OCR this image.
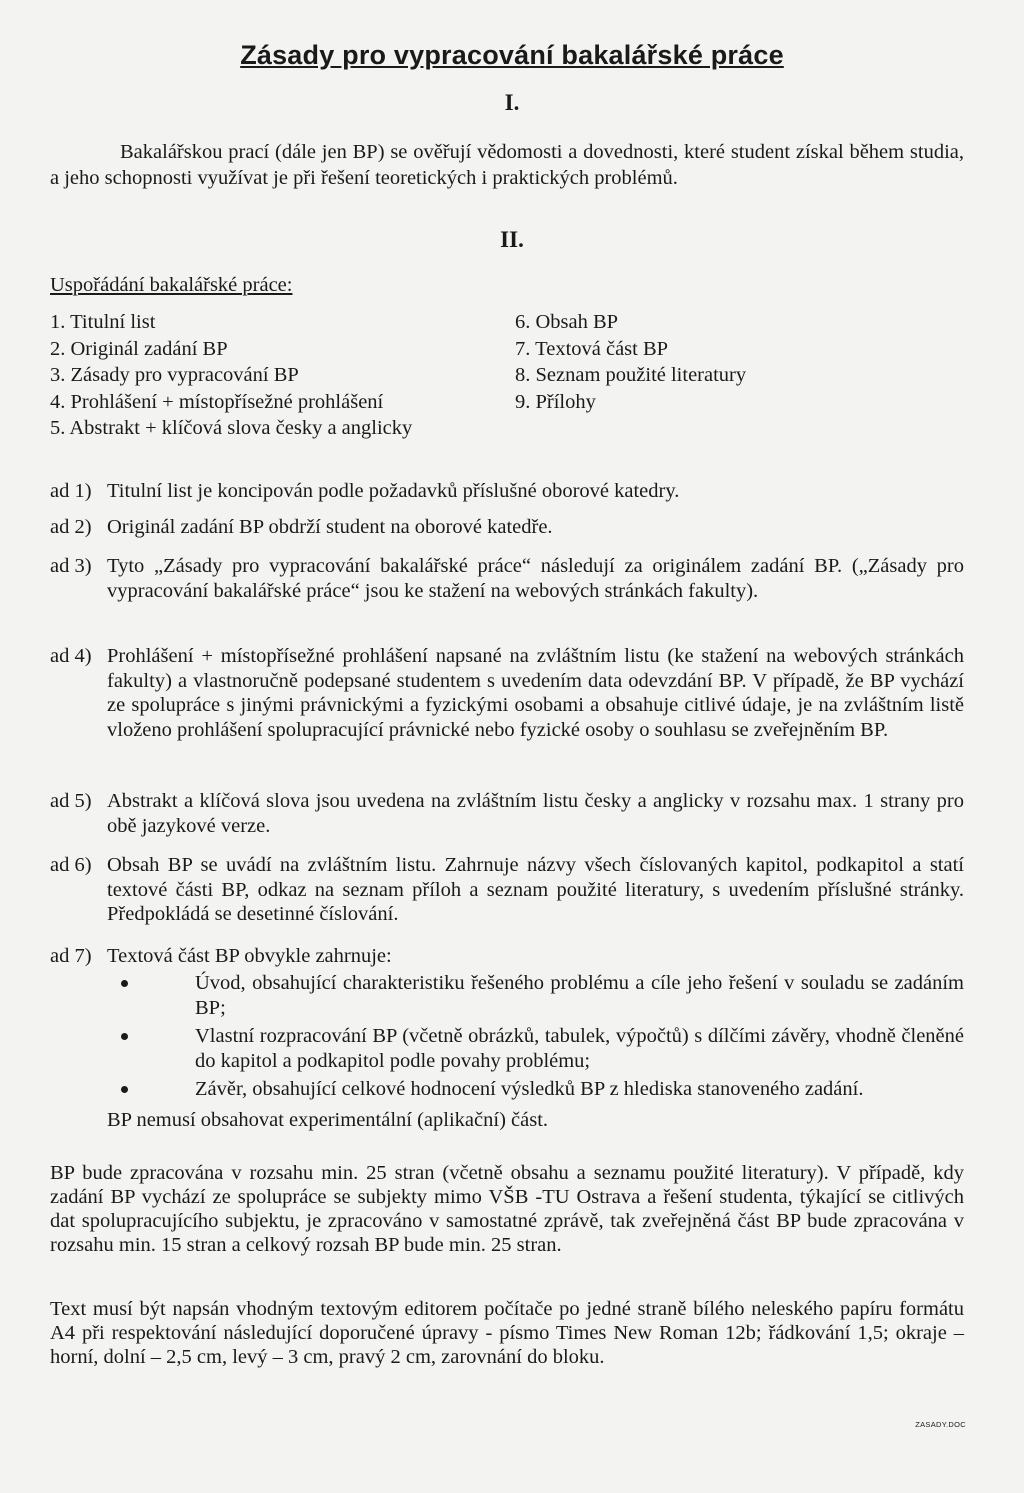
Zásady pro vypracování bakalářské práce
I.
Bakalářskou prací (dále jen BP) se ověřují vědomosti a dovednosti, které student získal během studia, a jeho schopnosti využívat je při řešení teoretických i praktických problémů.
II.
Uspořádání bakalářské práce:
1. Titulní list
2. Originál zadání BP
3. Zásady pro vypracování BP
4. Prohlášení + místopřísežné prohlášení
5. Abstrakt + klíčová slova česky a anglicky
6. Obsah BP
7. Textová část BP
8. Seznam použité literatury
9. Přílohy
ad 1) Titulní list je koncipován podle požadavků příslušné oborové katedry.
ad 2) Originál zadání BP obdrží student na oborové katedře.
ad 3) Tyto „Zásady pro vypracování bakalářské práce“ následují za originálem zadání BP. („Zásady pro vypracování bakalářské práce“ jsou ke stažení na webových stránkách fakulty).
ad 4) Prohlášení + místopřísežné prohlášení napsané na zvláštním listu (ke stažení na webových stránkách fakulty) a vlastnoručně podepsané studentem s uvedením data odevzdání BP. V případě, že BP vychází ze spolupráce s jinými právnickými a fyzickými osobami a obsahuje citlivé údaje, je na zvláštním listě vloženo prohlášení spolupracující právnické nebo fyzické osoby o souhlasu se zveřejněním BP.
ad 5) Abstrakt a klíčová slova jsou uvedena na zvláštním listu česky a anglicky v rozsahu max. 1 strany pro obě jazykové verze.
ad 6) Obsah BP se uvádí na zvláštním listu. Zahrnuje názvy všech číslovaných kapitol, podkapitol a statí textové části BP, odkaz na seznam příloh a seznam použité literatury, s uvedením příslušné stránky. Předpokládá se desetinné číslování.
ad 7) Textová část BP obvykle zahrnuje:
Úvod, obsahující charakteristiku řešeného problému a cíle jeho řešení v souladu se zadáním BP;
Vlastní rozpracování BP (včetně obrázků, tabulek, výpočtů) s dílčími závěry, vhodně členěné do kapitol a podkapitol podle povahy problému;
Závěr, obsahující celkové hodnocení výsledků BP z hlediska stanoveného zadání.
BP nemusí obsahovat experimentální (aplikační) část.
BP bude zpracována v rozsahu min. 25 stran (včetně obsahu a seznamu použité literatury). V případě, kdy zadání BP vychází ze spolupráce se subjekty mimo VŠB -TU Ostrava a řešení studenta, týkající se citlivých dat spolupracujícího subjektu, je zpracováno v samostatné zprávě, tak zveřejněná část BP bude zpracována v rozsahu min. 15 stran a celkový rozsah BP bude min. 25 stran.
Text musí být napsán vhodným textovým editorem počítače po jedné straně bílého neleského papíru formátu A4 při respektování následující doporučené úpravy - písmo Times New Roman 12b; řádkování 1,5; okraje – horní, dolní – 2,5 cm, levý – 3 cm, pravý 2 cm, zarovnání do bloku.
ZASADY.DOC
